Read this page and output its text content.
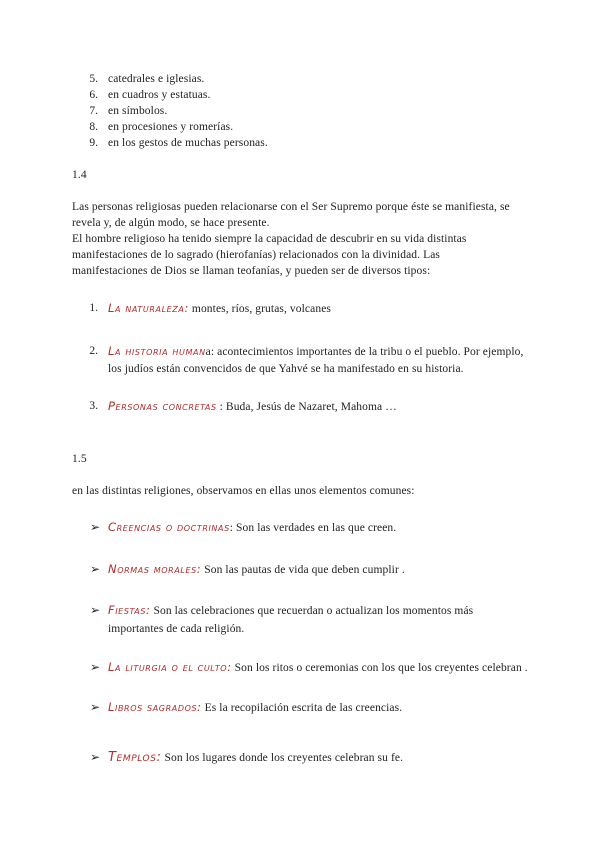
5. catedrales e iglesias.
6. en cuadros y estatuas.
7. en símbolos.
8. en procesiones y romerías.
9. en los gestos de muchas personas.
1.4
Las personas religiosas pueden relacionarse con el Ser Supremo porque éste se manifiesta, se
revela y, de algún modo, se hace presente.
El hombre religioso ha tenido siempre la capacidad de descubrir en su vida distintas
manifestaciones de lo sagrado (hierofanías) relacionados con la divinidad. Las
manifestaciones de Dios se llaman teofanías, y pueden ser de diversos tipos:
1. La naturaleza: montes, ríos, grutas, volcanes
2. La historia humana: acontecimientos importantes de la tribu o el pueblo. Por ejemplo,
los judíos están convencidos de que Yahvé se ha manifestado en su historia.
3. Personas concretas : Buda, Jesús de Nazaret, Mahoma …
1.5
en las distintas religiones, observamos en ellas unos elementos comunes:
➢ Creencias o doctrinas: Son las verdades en las que creen.
➢ Normas morales: Son las pautas de vida que deben cumplir .
➢ Fiestas: Son las celebraciones que recuerdan o actualizan los momentos más
importantes de cada religión.
➢ La liturgia o el culto: Son los ritos o ceremonias con los que los creyentes celebran .
➢ Libros sagrados: Es la recopilación escrita de las creencias.
➢ Templos: Son los lugares donde los creyentes celebran su fe.
